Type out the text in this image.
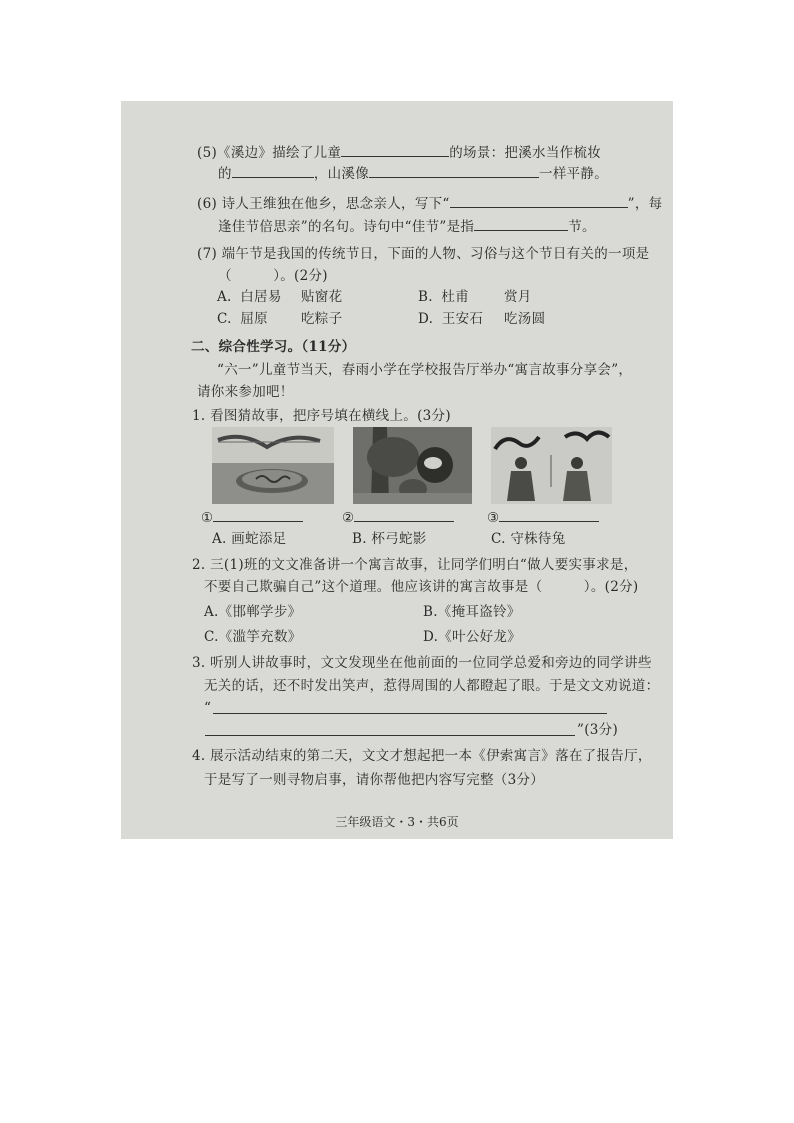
(5)《溪边》描绘了儿童	的场景：把溪水当作梳妆
的	，山溪像	一样平静。
(6) 诗人王维独在他乡，思念亲人，写下“	”，每
逢佳节倍思亲”的名句。诗句中“佳节”是指	节。
(7) 端午节是我国的传统节日，下面的人物、习俗与这个节日有关的一项是
（　　　）。(2分)
A. 白居易 贴窗花	B. 杜甫	赏月
C. 屈原 吃粽子	D. 王安石 吃汤圆
二、综合性学习。（11分）
“六一”儿童节当天，春雨小学在学校报告厅举办“寓言故事分享会”，
请你来参加吧！
1. 看图猜故事，把序号填在横线上。(3分)
①	②	③
A. 画蛇添足	B. 杯弓蛇影	C. 守株待兔
2. 三(1)班的文文准备讲一个寓言故事，让同学们明白“做人要实事求是，
不要自己欺骗自己”这个道理。他应该讲的寓言故事是（　　　）。(2分)
A.《邯郸学步》	B.《掩耳盗铃》
C.《滥竽充数》	D.《叶公好龙》
3. 听别人讲故事时，文文发现坐在他前面的一位同学总爱和旁边的同学讲些
无关的话，还不时发出笑声，惹得周围的人都瞪起了眼。于是文文劝说道：
“
”(3分)
4. 展示活动结束的第二天，文文才想起把一本《伊索寓言》落在了报告厅，
于是写了一则寻物启事，请你帮他把内容写完整（3分）
三年级语文・3・共6页
